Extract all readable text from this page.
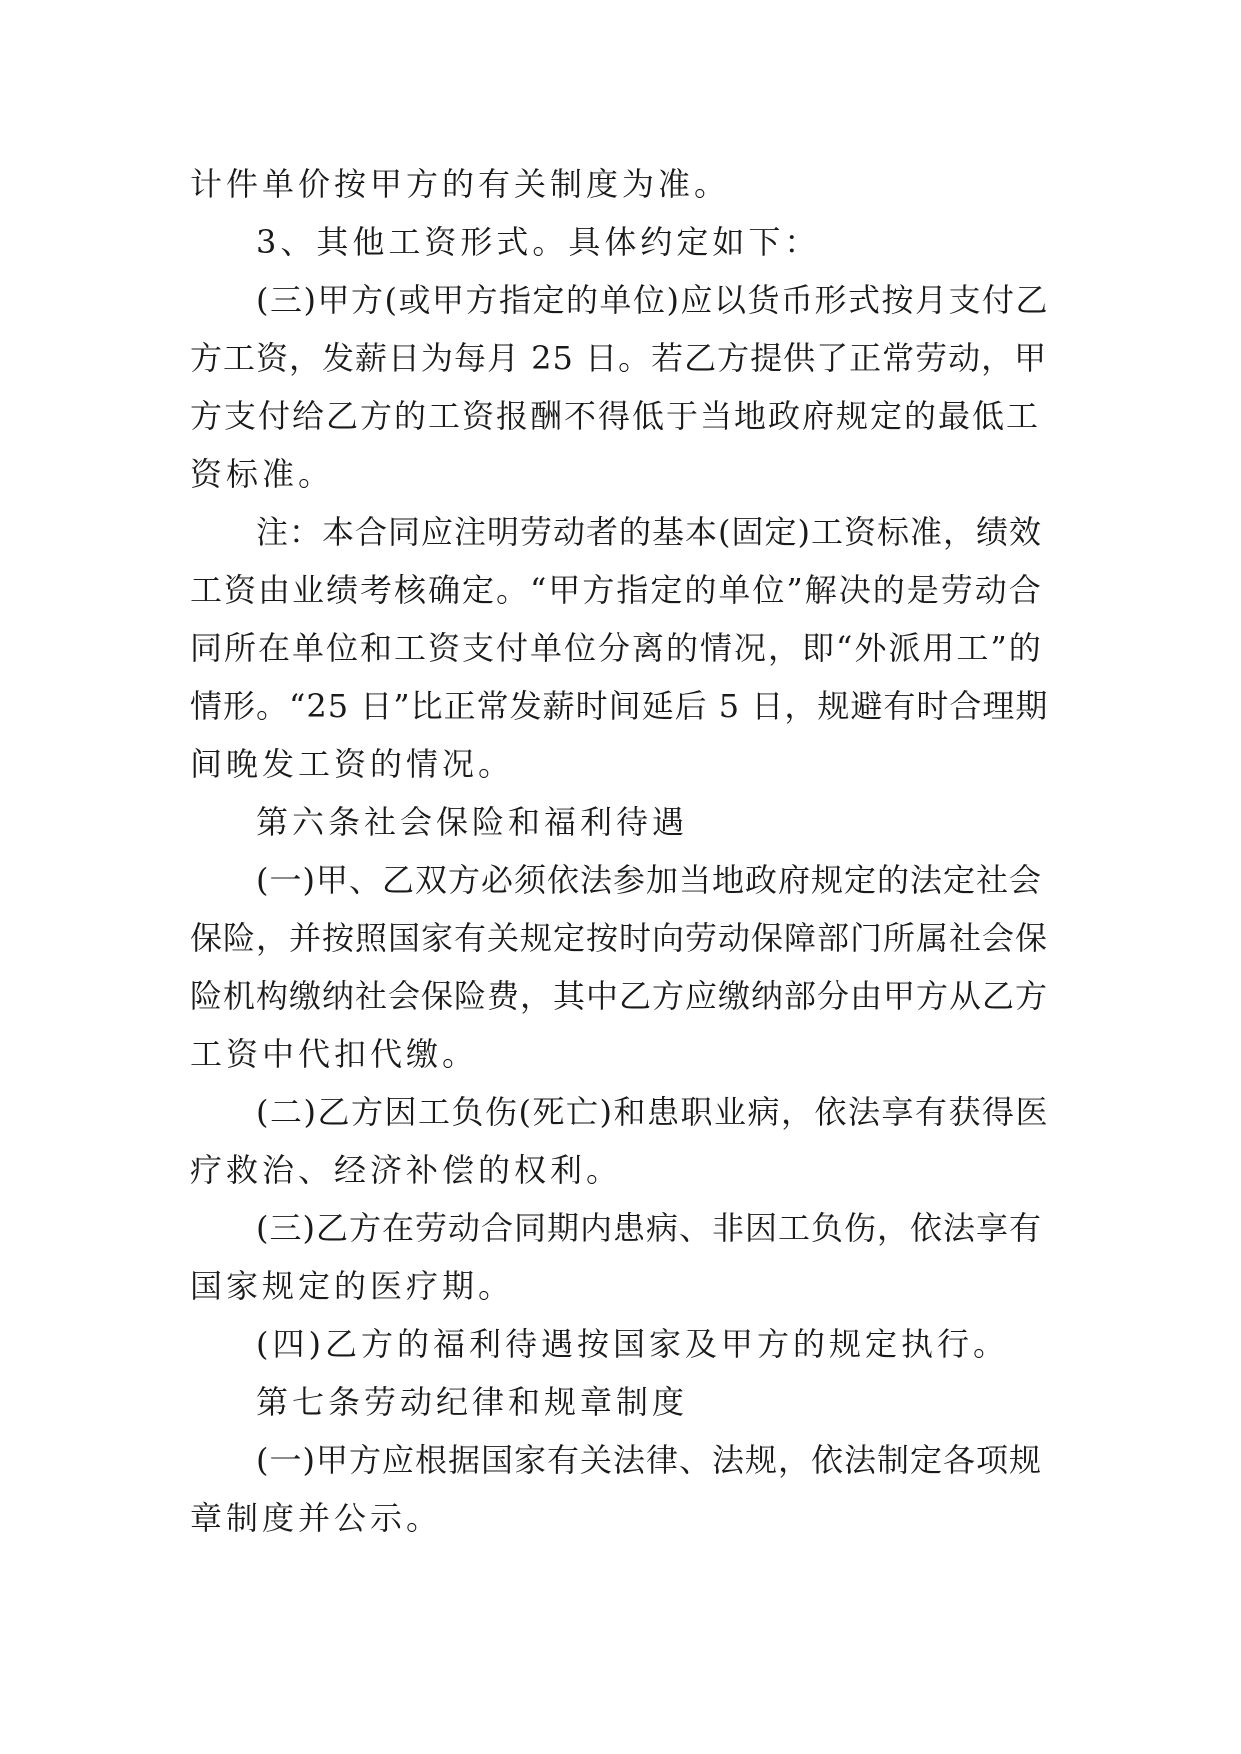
计件单价按甲方的有关制度为准。
3、其他工资形式。具体约定如下：
(三)甲方(或甲方指定的单位)应以货币形式按月支付乙
方工资，发薪日为每月 25 日。若乙方提供了正常劳动，甲
方支付给乙方的工资报酬不得低于当地政府规定的最低工
资标准。
注：本合同应注明劳动者的基本(固定)工资标准，绩效
工资由业绩考核确定。“甲方指定的单位”解决的是劳动合
同所在单位和工资支付单位分离的情况，即“外派用工”的
情形。“25 日”比正常发薪时间延后 5 日，规避有时合理期
间晚发工资的情况。
第六条社会保险和福利待遇
(一)甲、乙双方必须依法参加当地政府规定的法定社会
保险，并按照国家有关规定按时向劳动保障部门所属社会保
险机构缴纳社会保险费，其中乙方应缴纳部分由甲方从乙方
工资中代扣代缴。
(二)乙方因工负伤(死亡)和患职业病，依法享有获得医
疗救治、经济补偿的权利。
(三)乙方在劳动合同期内患病、非因工负伤，依法享有
国家规定的医疗期。
(四)乙方的福利待遇按国家及甲方的规定执行。
第七条劳动纪律和规章制度
(一)甲方应根据国家有关法律、法规，依法制定各项规
章制度并公示。
